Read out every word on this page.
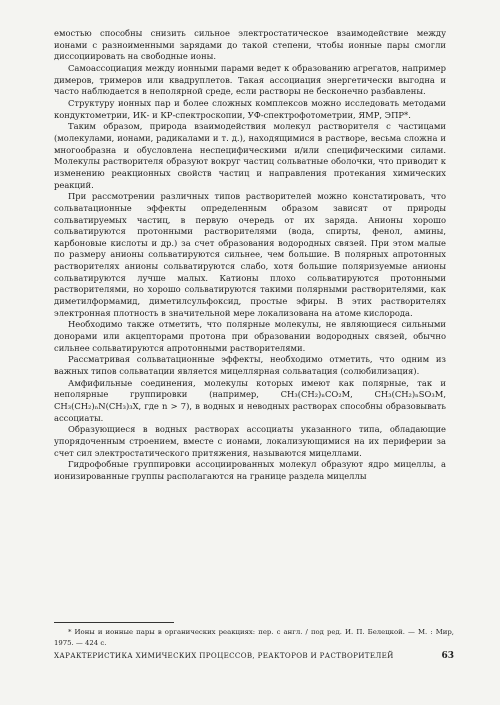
емостью способны снизить сильное электростатическое взаимодействие между ионами с разноименными зарядами до такой степени, чтобы ионные пары смогли диссоциировать на свободные ионы.

Самоассоциация между ионными парами ведет к образованию агрегатов, например димеров, тримеров или квадруплетов. Такая ассоциация энергетически выгодна и часто наблюдается в неполярной среде, если растворы не бесконечно разбавлены.

Структуру ионных пар и более сложных комплексов можно исследовать методами кондуктометрии, ИК- и КР-спектроскопии, УФ-спектрофотометрии, ЯМР, ЭПР*.

Таким образом, природа взаимодействия молекул растворителя с частицами (молекулами, ионами, радикалами и т. д.), находящимися в растворе, весьма сложна и многообразна и обусловлена неспецифическими и/или специфическими силами. Молекулы растворителя образуют вокруг частиц сольватные оболочки, что приводит к изменению реакционных свойств частиц и направления протекания химических реакций.

При рассмотрении различных типов растворителей можно констатировать, что сольватационные эффекты определенным образом зависят от природы сольватируемых частиц, в первую очередь от их заряда. Анионы хорошо сольватируются протонными растворителями (вода, спирты, фенол, амины, карбоновые кислоты и др.) за счет образования водородных связей. При этом малые по размеру анионы сольватируются сильнее, чем большие. В полярных апротонных растворителях анионы сольватируются слабо, хотя большие поляризуемые анионы сольватируются лучше малых. Катионы плохо сольватируются протонными растворителями, но хорошо сольватируются такими полярными растворителями, как диметилформамид, диметилсульфоксид, простые эфиры. В этих растворителях электронная плотность в значительной мере локализована на атоме кислорода.

Необходимо также отметить, что полярные молекулы, не являющиеся сильными донорами или акцепторами протона при образовании водородных связей, обычно сильнее сольватируются апротонными растворителями.

Рассматривая сольватационные эффекты, необходимо отметить, что одним из важных типов сольватации является мицеллярная сольватация (солюбилизация).

Амфифильные соединения, молекулы которых имеют как полярные, так и неполярные группировки (например, CH₃(CH₂)ₙCO₂M, CH₃(CH₂)ₙSO₃M, CH₃(CH₂)ₙN(CH₃)₃X, где n > 7), в водных и неводных растворах способны образовывать ассоциаты.

Образующиеся в водных растворах ассоциаты указанного типа, обладающие упорядоченным строением, вместе с ионами, локализующимися на их периферии за счет сил электростатического притяжения, называются мицеллами.

Гидрофобные группировки ассоциированных молекул образуют ядро мицеллы, а ионизированные группы располагаются на границе раздела мицеллы

* Ионы и ионные пары в органических реакциях: пер. с англ. / под ред. И. П. Белецкой. — М. : Мир, 1975. — 424 с.
ХАРАКТЕРИСТИКА ХИМИЧЕСКИХ ПРОЦЕССОВ, РЕАКТОРОВ И РАСТВОРИТЕЛЕЙ	63
